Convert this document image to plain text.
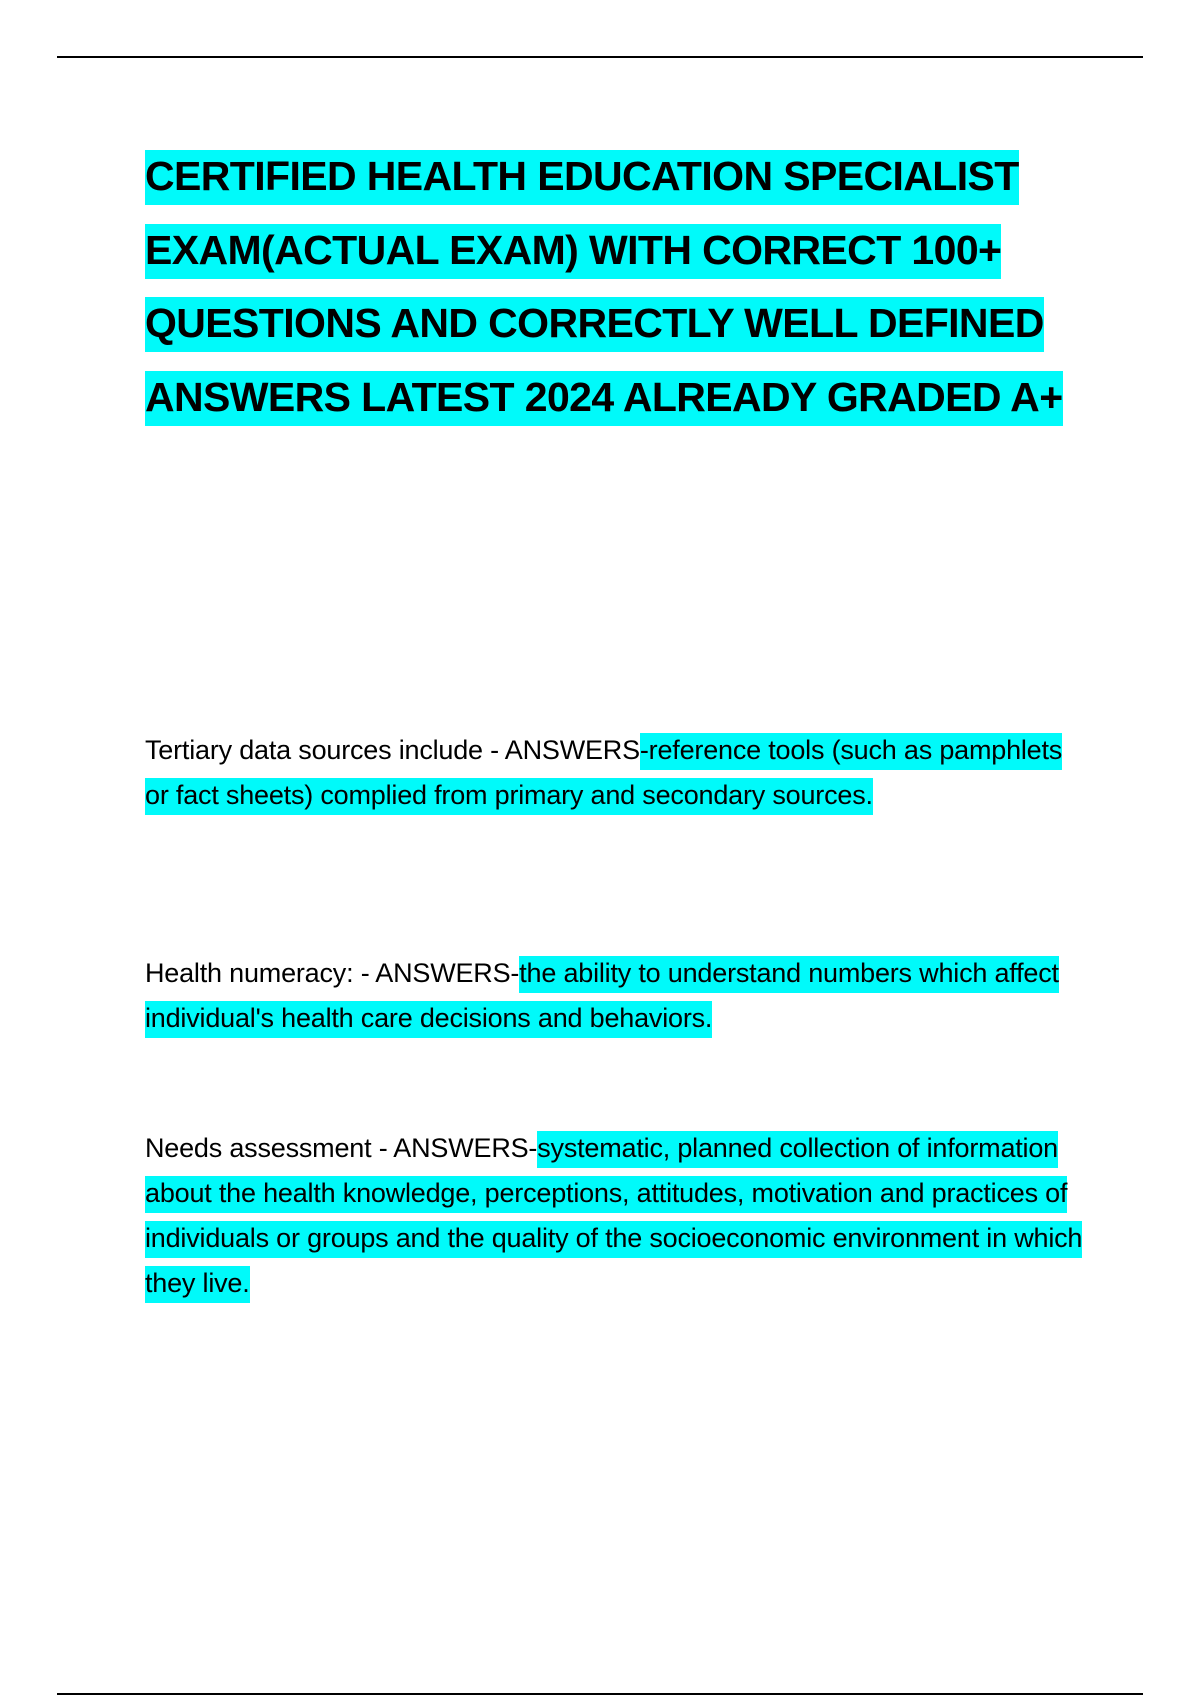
CERTIFIED HEALTH EDUCATION SPECIALIST EXAM(ACTUAL EXAM) WITH CORRECT 100+ QUESTIONS AND CORRECTLY WELL DEFINED ANSWERS LATEST 2024 ALREADY GRADED A+

Tertiary data sources include - ANSWERS-reference tools (such as pamphlets or fact sheets) complied from primary and secondary sources.

Health numeracy: - ANSWERS-the ability to understand numbers which affect individual's health care decisions and behaviors.

Needs assessment - ANSWERS-systematic, planned collection of information about the health knowledge, perceptions, attitudes, motivation and practices of individuals or groups and the quality of the socioeconomic environment in which they live.
